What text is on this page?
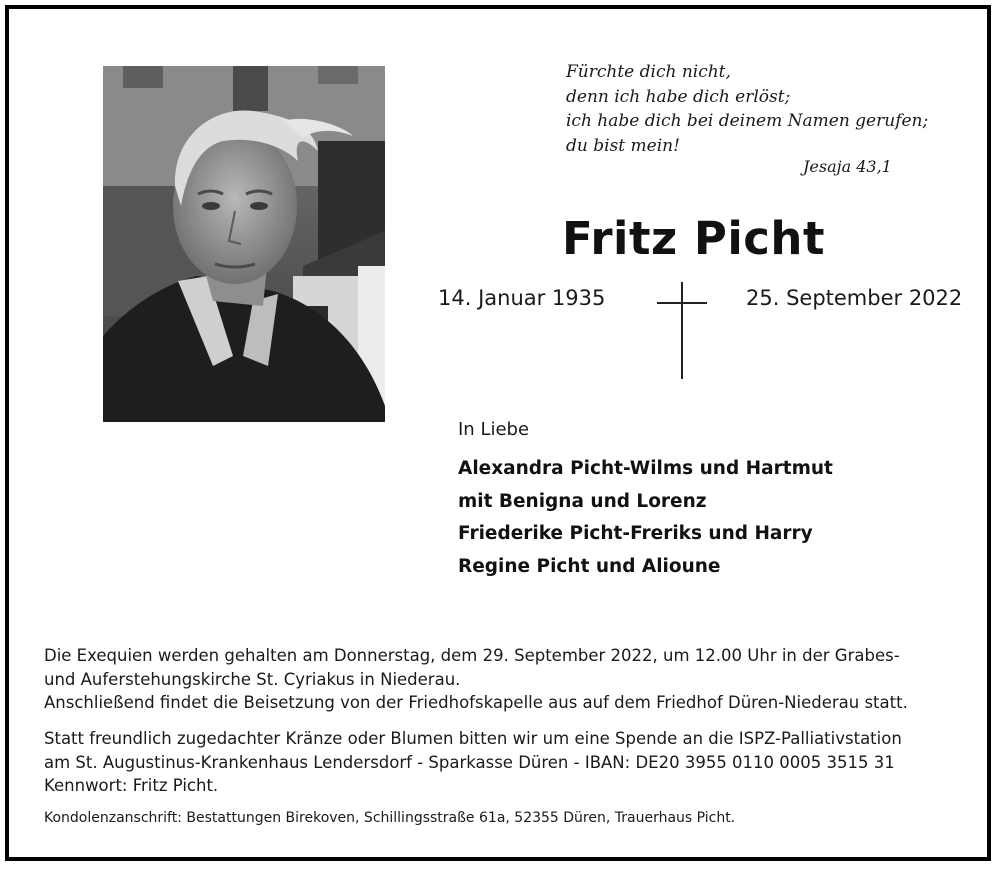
Fürchte dich nicht,
denn ich habe dich erlöst;
ich habe dich bei deinem Namen gerufen;
du bist mein!
Jesaja 43,1
Fritz Picht
14. Januar 1935	25. September 2022
In Liebe
Alexandra Picht-Wilms und Hartmut
mit Benigna und Lorenz
Friederike Picht-Freriks und Harry
Regine Picht und Alioune
Die Exequien werden gehalten am Donnerstag, dem 29. September 2022, um 12.00 Uhr in der Grabes-
und Auferstehungskirche St. Cyriakus in Niederau.
Anschließend findet die Beisetzung von der Friedhofskapelle aus auf dem Friedhof Düren-Niederau statt.
Statt freundlich zugedachter Kränze oder Blumen bitten wir um eine Spende an die ISPZ-Palliativstation
am St. Augustinus-Krankenhaus Lendersdorf - Sparkasse Düren - IBAN: DE20 3955 0110 0005 3515 31
Kennwort: Fritz Picht.
Kondolenzanschrift: Bestattungen Birekoven, Schillingsstraße 61a, 52355 Düren, Trauerhaus Picht.
